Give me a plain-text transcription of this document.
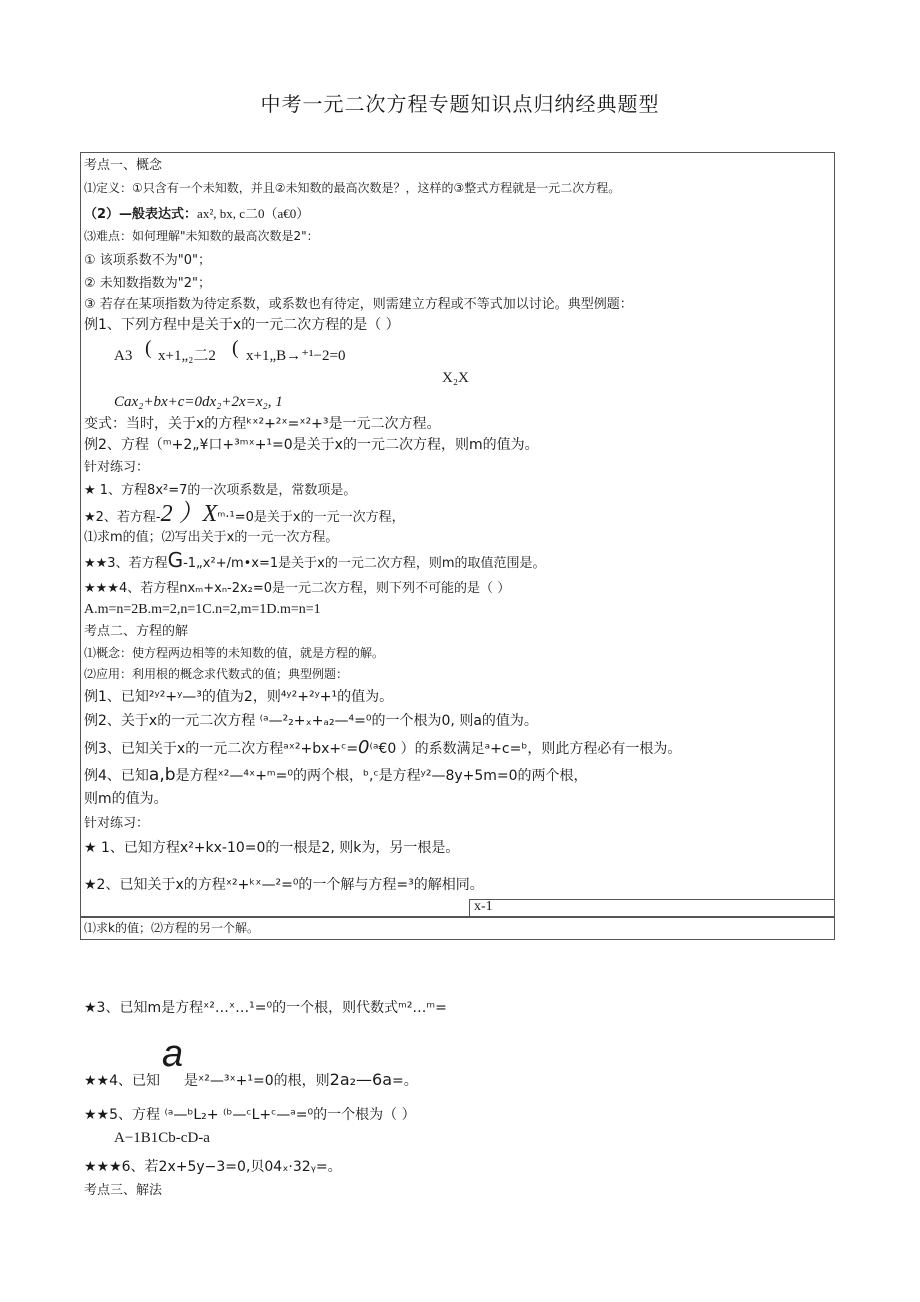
中考一元二次方程专题知识点归纳经典题型
考点一、概念
⑴定义：①只含有一个未知数，并且②未知数的最高次数是？，这样的③整式方程就是一元二次方程。
（2）—般表达式：ax², bx, c二0（a€0）
⑶难点：如何理解"未知数的最高次数是2"：
① 该项系数不为"0"；
② 未知数指数为"2"；
③ 若存在某项指数为待定系数，或系数也有待定，则需建立方程或不等式加以讨论。典型例题：
例1、下列方程中是关于x的一元二次方程的是（ ）
A3 ( x+1„₂二2 ( x+1„B→⁺¹−2=0
X₂X
Cax₂+bx+c=0dx₂+2x=x₂, 1
变式：当时，关于x的方程ᵏˣ²+²ˣ=ˣ²+³是一元二次方程。
例2、方程（ᵐ+2„¥口+³ᵐˣ+¹=0是关于x的一元二次方程，则m的值为。
针对练习：
★ 1、方程8x²=7的一次项系数是，常数项是。
★2、若方程-2 ）Xᵐ‧¹=0是关于x的一元一次方程，
⑴求m的值；⑵写出关于x的一元一次方程。
★★3、若方程G-1„x²+/m•x=1是关于x的一元二次方程，则m的取值范围是。
★★★4、若方程nxₘ+xₙ-2x₂=0是一元二次方程，则下列不可能的是（ ）
A.m=n=2B.m=2,n=1C.n=2,m=1D.m=n=1
考点二、方程的解
⑴概念：使方程两边相等的未知数的值，就是方程的解。
⑵应用：利用根的概念求代数式的值；典型例题：
例1、已知²ʸ²+ʸ—³的值为2，则⁴ʸ²+²ʸ+¹的值为。
例2、关于x的一元二次方程 ⁽ᵃ—²₂+ₓ+ₐ₂—⁴=⁰的一个根为0, 则a的值为。
例3、已知关于x的一元二次方程ᵃˣ²+bx+ᶜ=0⁽ᵃ€0 ）的系数满足ᵃ+c=ᵇ，则此方程必有一根为。
例4、已知a,b是方程ˣ²—⁴ˣ+ᵐ=⁰的两个根，ᵇ,ᶜ是方程ʸ²—8y+5m=0的两个根，
则m的值为。
针对练习：
★ 1、已知方程x²+kx-10=0的一根是2, 则k为，另一根是。
★2、已知关于x的方程ˣ²+ᵏˣ—²=⁰的一个解与方程=³的解相同。
x-1
⑴求k的值；⑵方程的另一个解。
★3、已知m是方程ˣ²…ˣ…¹=⁰的一个根，则代数式ᵐ²…ᵐ=
a
★★4、已知 是ˣ²—³ˣ+¹=0的根，则2a₂—6a=。
★★5、方程 ⁽ᵃ—ᵇL₂+ ⁽ᵇ—ᶜL+ᶜ—ᵃ=⁰的一个根为（ ）
A−1B1Cb-cD-a
★★★6、若2x+5y−3=0,贝04ₓ·32ᵧ=。
考点三、解法
